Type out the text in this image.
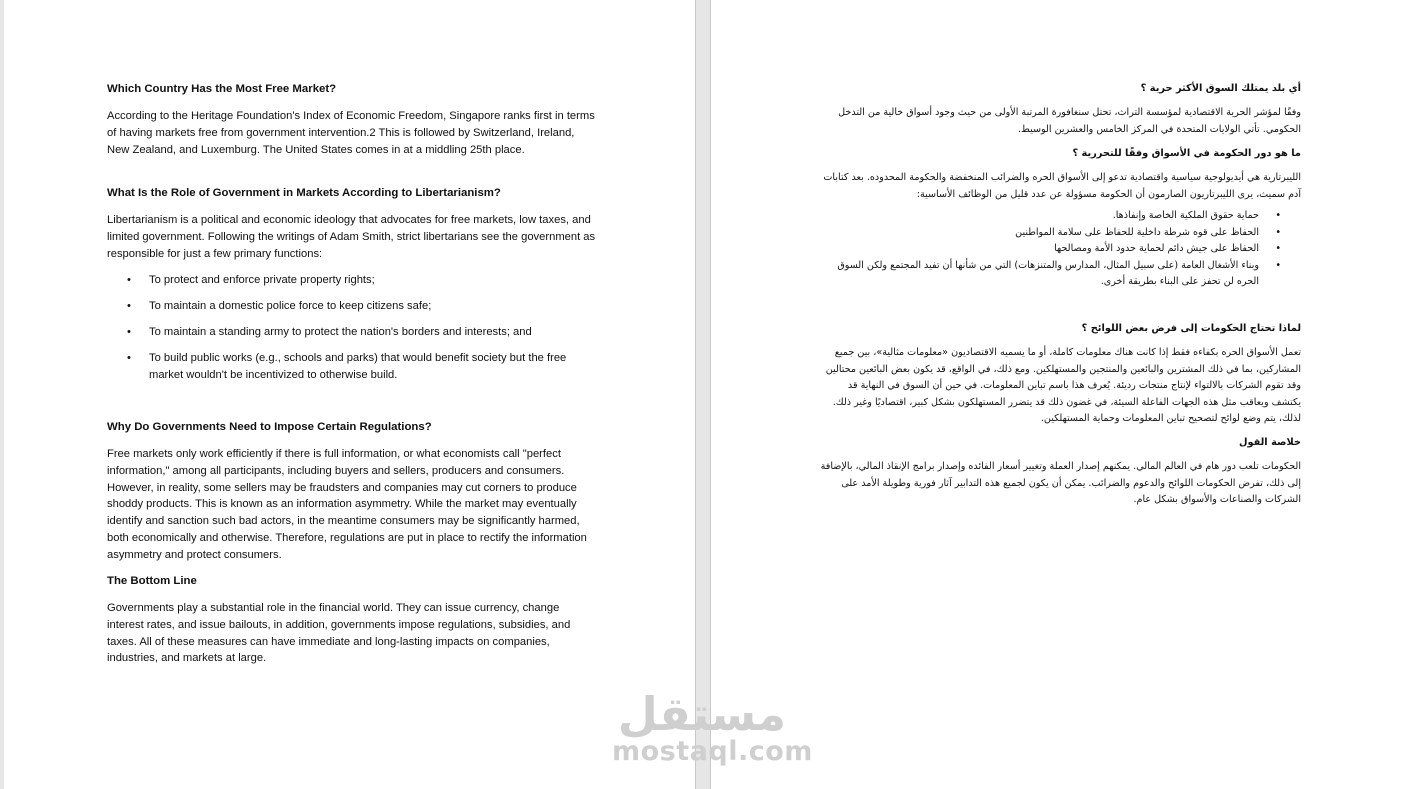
Which Country Has the Most Free Market?

According to the Heritage Foundation's Index of Economic Freedom, Singapore ranks first in terms of having markets free from government intervention.2 This is followed by Switzerland, Ireland, New Zealand, and Luxemburg. The United States comes in at a middling 25th place.

What Is the Role of Government in Markets According to Libertarianism?

Libertarianism is a political and economic ideology that advocates for free markets, low taxes, and limited government. Following the writings of Adam Smith, strict libertarians see the government as responsible for just a few primary functions:

• To protect and enforce private property rights;
• To maintain a domestic police force to keep citizens safe;
• To maintain a standing army to protect the nation's borders and interests; and
• To build public works (e.g., schools and parks) that would benefit society but the free market wouldn't be incentivized to otherwise build.
Why Do Governments Need to Impose Certain Regulations?

Free markets only work efficiently if there is full information, or what economists call "perfect information," among all participants, including buyers and sellers, producers and consumers. However, in reality, some sellers may be fraudsters and companies may cut corners to produce shoddy products. This is known as an information asymmetry. While the market may eventually identify and sanction such bad actors, in the meantime consumers may be significantly harmed, both economically and otherwise. Therefore, regulations are put in place to rectify the information asymmetry and protect consumers.

The Bottom Line

Governments play a substantial role in the financial world. They can issue currency, change interest rates, and issue bailouts, in addition, governments impose regulations, subsidies, and taxes. All of these measures can have immediate and long-lasting impacts on companies, industries, and markets at large.

أي بلد يمتلك السوق الأكثر حرية ؟

وفقًا لمؤشر الحرية الاقتصادية لمؤسسة التراث، تحتل سنغافورة المرتبة الأولى من حيث وجود أسواق خالية من التدخل الحكومي. تأتي الولايات المتحدة في المركز الخامس والعشرين الوسيط.

ما هو دور الحكومة في الأسواق وفقًا للتحررية ؟

الليبرتارية هي أيديولوجية سياسية واقتصادية تدعو إلى الأسواق الحره والضرائب المنخفضة والحكومة المحدوده. بعد كتابات آدم سميث، يرى الليبرتاريون الصارمون أن الحكومة مسؤولة عن عدد قليل من الوظائف الأساسية:

•
حماية حقوق الملكية الخاصة وإنفاذها.
•
الحفاظ على قوه شرطة داخلية للحفاظ على سلامة المواطنين
•
الحفاظ على جيش دائم لحماية حدود الأمة ومصالحها
•
وبناء الأشغال العامة (على سبيل المثال، المدارس والمتنزهات) التي من شأنها أن تفيد المجتمع ولكن السوق الحره لن تحفز على البناء بطريقة أخرى.
لماذا تحتاج الحكومات إلى فرض بعض اللوائح ؟

تعمل الأسواق الحره بكفاءه فقط إذا كانت هناك معلومات كاملة، أو ما يسميه الاقتصاديون «معلومات مثالية»، بين جميع المشاركين، بما في ذلك المشترين والبائعين والمنتجين والمستهلكين. ومع ذلك، في الواقع، قد يكون بعض البائعين محتالين وقد تقوم الشركات بالالتواء لإنتاج منتجات رديئة. يُعرف هذا باسم تباين المعلومات. في حين أن السوق في النهاية قد يكتشف ويعاقب مثل هذه الجهات الفاعلة السيئة، في غضون ذلك قد يتضرر المستهلكون بشكل كبير، اقتصاديًا وغير ذلك. لذلك، يتم وضع لوائح لتصحيح تباين المعلومات وحماية المستهلكين.

خلاصة القول

الحكومات تلعب دور هام في العالم المالي. يمكنهم إصدار العملة وتغيير أسعار الفائده وإصدار برامج الإنقاذ المالي، بالإضافة إلى ذلك، تفرض الحكومات اللوائح والدعوم والضرائب. يمكن أن يكون لجميع هذه التدابير آثار فورية وطويلة الأمد على الشركات والصناعات والأسواق بشكل عام.

مستقل
mostaql.com
